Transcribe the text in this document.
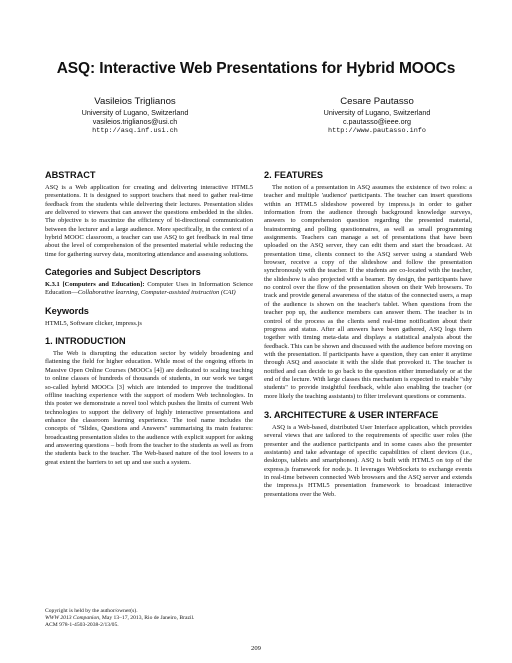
ASQ: Interactive Web Presentations for Hybrid MOOCs
Vasileios Triglianos
University of Lugano, Switzerland
vasileios.triglianos@usi.ch
http://asq.inf.usi.ch
Cesare Pautasso
University of Lugano, Switzerland
c.pautasso@ieee.org
http://www.pautasso.info
ABSTRACT

ASQ is a Web application for creating and delivering interactive HTML5 presentations. It is designed to support teachers that need to gather real-time feedback from the students while delivering their lectures. Presentation slides are delivered to viewers that can answer the questions embedded in the slides. The objective is to maximize the efficiency of bi-directional communication between the lecturer and a large audience. More specifically, in the context of a hybrid MOOC classroom, a teacher can use ASQ to get feedback in real time about the level of comprehension of the presented material while reducing the time for gathering survey data, monitoring attendance and assessing solutions.

Categories and Subject Descriptors

K.3.1 [Computers and Education]: Computer Uses in Information Science Education—Collaborative learning, Computer-assisted instruction (CAI)

Keywords

HTML5, Software clicker, impress.js

1. INTRODUCTION

The Web is disrupting the education sector by widely broadening and flattening the field for higher education. While most of the ongoing efforts in Massive Open Online Courses (MOOCs [4]) are dedicated to scaling teaching to online classes of hundreds of thousands of students, in our work we target so-called hybrid MOOCs [3] which are intended to improve the traditional offline teaching experience with the support of modern Web technologies. In this poster we demonstrate a novel tool which pushes the limits of current Web technologies to support the delivery of highly interactive presentations and enhance the classroom learning experience. The tool name includes the concepts of "Slides, Questions and Answers" summarising its main features: broadcasting presentation slides to the audience with explicit support for asking and answering questions – both from the teacher to the students as well as from the students back to the teacher. The Web-based nature of the tool lowers to a great extent the barriers to set up and use such a system.

2. FEATURES

The notion of a presentation in ASQ assumes the existence of two roles: a teacher and multiple 'audience' participants. The teacher can insert questions within an HTML5 slideshow powered by impress.js in order to gather information from the audience through background knowledge surveys, answers to comprehension question regarding the presented material, brainstorming and polling questionnaires, as well as small programming assignments. Teachers can manage a set of presentations that have been uploaded on the ASQ server, they can edit them and start the broadcast. At presentation time, clients connect to the ASQ server using a standard Web browser, receive a copy of the slideshow and follow the presentation synchronously with the teacher. If the students are co-located with the teacher, the slideshow is also projected with a beamer. By design, the participants have no control over the flow of the presentation shown on their Web browsers. To track and provide general awareness of the status of the connected users, a map of the audience is shown on the teacher's tablet. When questions from the teacher pop up, the audience members can answer them. The teacher is in control of the process as the clients send real-time notification about their progress and status. After all answers have been gathered, ASQ logs them together with timing meta-data and displays a statistical analysis about the feedback. This can be shown and discussed with the audience before moving on with the presentation. If participants have a question, they can enter it anytime through ASQ and associate it with the slide that provoked it. The teacher is notified and can decide to go back to the question either immediately or at the end of the lecture. With large classes this mechanism is expected to enable "shy students" to provide insightful feedback, while also enabling the teacher (or more likely the teaching assistants) to filter irrelevant questions or comments.

3. ARCHITECTURE & USER INTERFACE

ASQ is a Web-based, distributed User Interface application, which provides several views that are tailored to the requirements of specific user roles (the presenter and the audience participants and in some cases also the presenter assistants) and take advantage of specific capabilities of client devices (i.e., desktops, tablets and smartphones). ASQ is built with HTML5 on top of the express.js framework for node.js. It leverages WebSockets to exchange events in real-time between connected Web browsers and the ASQ server and extends the impress.js HTML5 presentation framework to broadcast interactive presentations over the Web.

Copyright is held by the author/owner(s).
WWW 2013 Companion, May 13–17, 2013, Rio de Janeiro, Brazil.
ACM 978-1-4503-2038-2/13/05.
209
